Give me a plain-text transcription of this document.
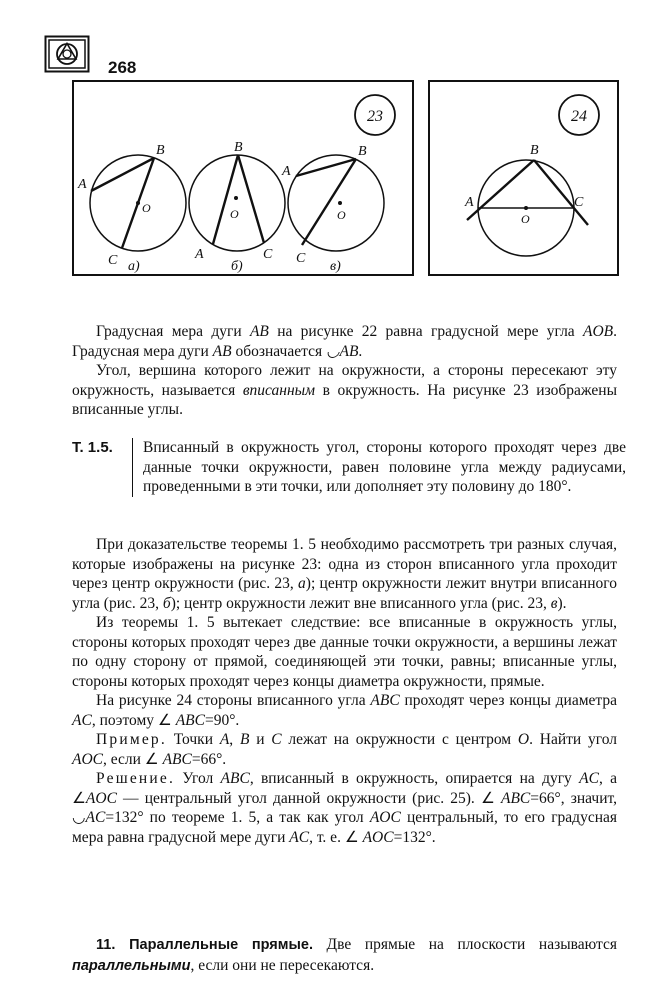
268
23
A
B
O
C а)
B
O
A	C
б)
A
B
O
C
в)
24
B
A	C
O

Градусная мера дуги AB на рисунке 22 равна градусной мере угла AOB. Градусная мера дуги AB обозначается ◡AB.

Угол, вершина которого лежит на окружности, а стороны пересекают эту окружность, называется вписанным в окружность. На рисунке 23 изображены вписанные углы.

Т. 1.5.	Вписанный в окружность угол, стороны которого проходят через две данные точки окружности, равен половине угла между радиусами, проведенными в эти точки, или дополняет эту половину до 180°.

При доказательстве теоремы 1. 5 необходимо рассмотреть три разных случая, которые изображены на рисунке 23: одна из сторон вписанного угла проходит через центр окружности (рис. 23, а); центр окружности лежит внутри вписанного угла (рис. 23, б); центр окружности лежит вне вписанного угла (рис. 23, в).

Из теоремы 1. 5 вытекает следствие: все вписанные в окружность углы, стороны которых проходят через две данные точки окружности, а вершины лежат по одну сторону от прямой, соединяющей эти точки, равны; вписанные углы, стороны которых проходят через концы диаметра окружности, прямые.

На рисунке 24 стороны вписанного угла ABC проходят через концы диаметра AC, поэтому ∠ ABC=90°.

Пример. Точки A, B и C лежат на окружности с центром O. Найти угол AOC, если ∠ ABC=66°.

Решение. Угол ABC, вписанный в окружность, опирается на дугу AC, а ∠AOC — центральный угол данной окружности (рис. 25). ∠ ABC=66°, значит, ◡AC=132° по теореме 1. 5, а так как угол AOC центральный, то его градусная мера равна градусной мере дуги AC, т. е. ∠ AOC=132°.

11. Параллельные прямые. Две прямые на плоскости называются параллельными, если они не пересекаются.
